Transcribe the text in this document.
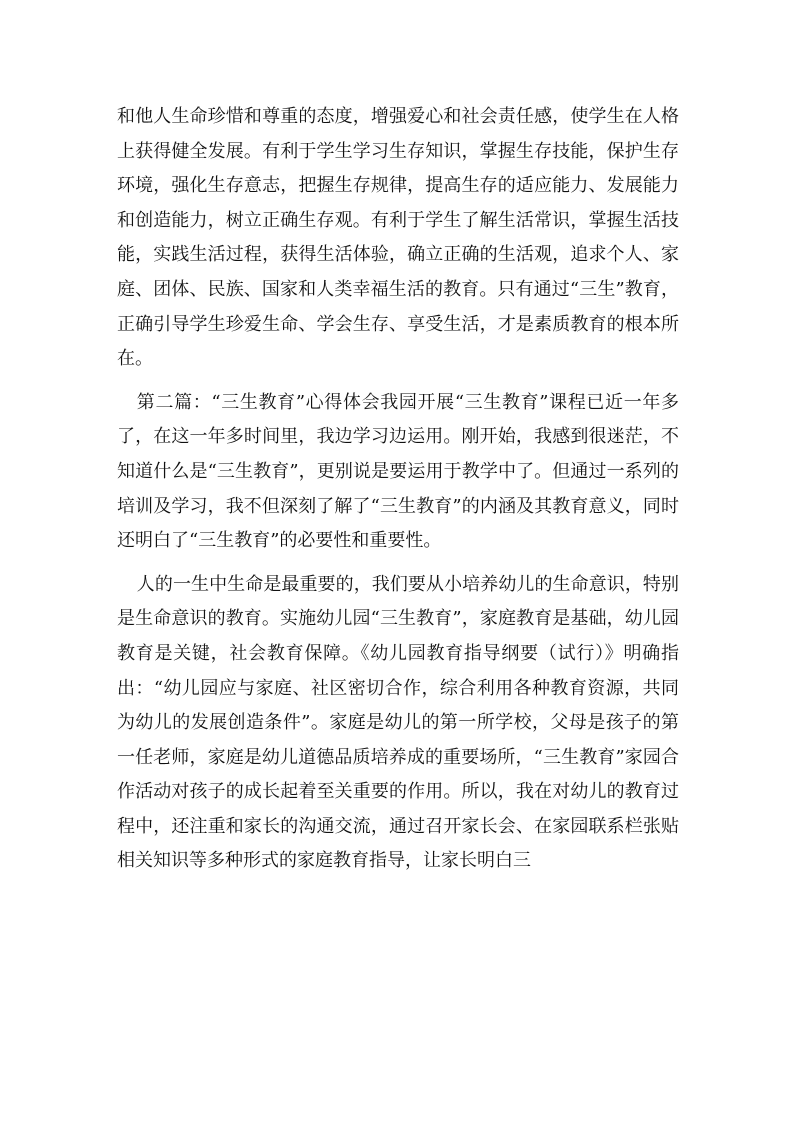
和他人生命珍惜和尊重的态度，增强爱心和社会责任感，使学生在人格上获得健全发展。有利于学生学习生存知识，掌握生存技能，保护生存环境，强化生存意志，把握生存规律，提高生存的适应能力、发展能力和创造能力，树立正确生存观。有利于学生了解生活常识，掌握生活技能，实践生活过程，获得生活体验，确立正确的生活观，追求个人、家庭、团体、民族、国家和人类幸福生活的教育。只有通过“三生”教育，正确引导学生珍爱生命、学会生存、享受生活，才是素质教育的根本所在。

第二篇：“三生教育”心得体会我园开展“三生教育”课程已近一年多了，在这一年多时间里，我边学习边运用。刚开始，我感到很迷茫，不知道什么是“三生教育”，更别说是要运用于教学中了。但通过一系列的培训及学习，我不但深刻了解了“三生教育”的内涵及其教育意义，同时还明白了“三生教育”的必要性和重要性。

人的一生中生命是最重要的，我们要从小培养幼儿的生命意识，特别是生命意识的教育。实施幼儿园“三生教育”，家庭教育是基础，幼儿园教育是关键，社会教育保障。《幼儿园教育指导纲要（试行）》明确指出：“幼儿园应与家庭、社区密切合作，综合利用各种教育资源，共同为幼儿的发展创造条件”。家庭是幼儿的第一所学校，父母是孩子的第一任老师，家庭是幼儿道德品质培养成的重要场所，“三生教育”家园合作活动对孩子的成长起着至关重要的作用。所以，我在对幼儿的教育过程中，还注重和家长的沟通交流，通过召开家长会、在家园联系栏张贴相关知识等多种形式的家庭教育指导，让家长明白三
